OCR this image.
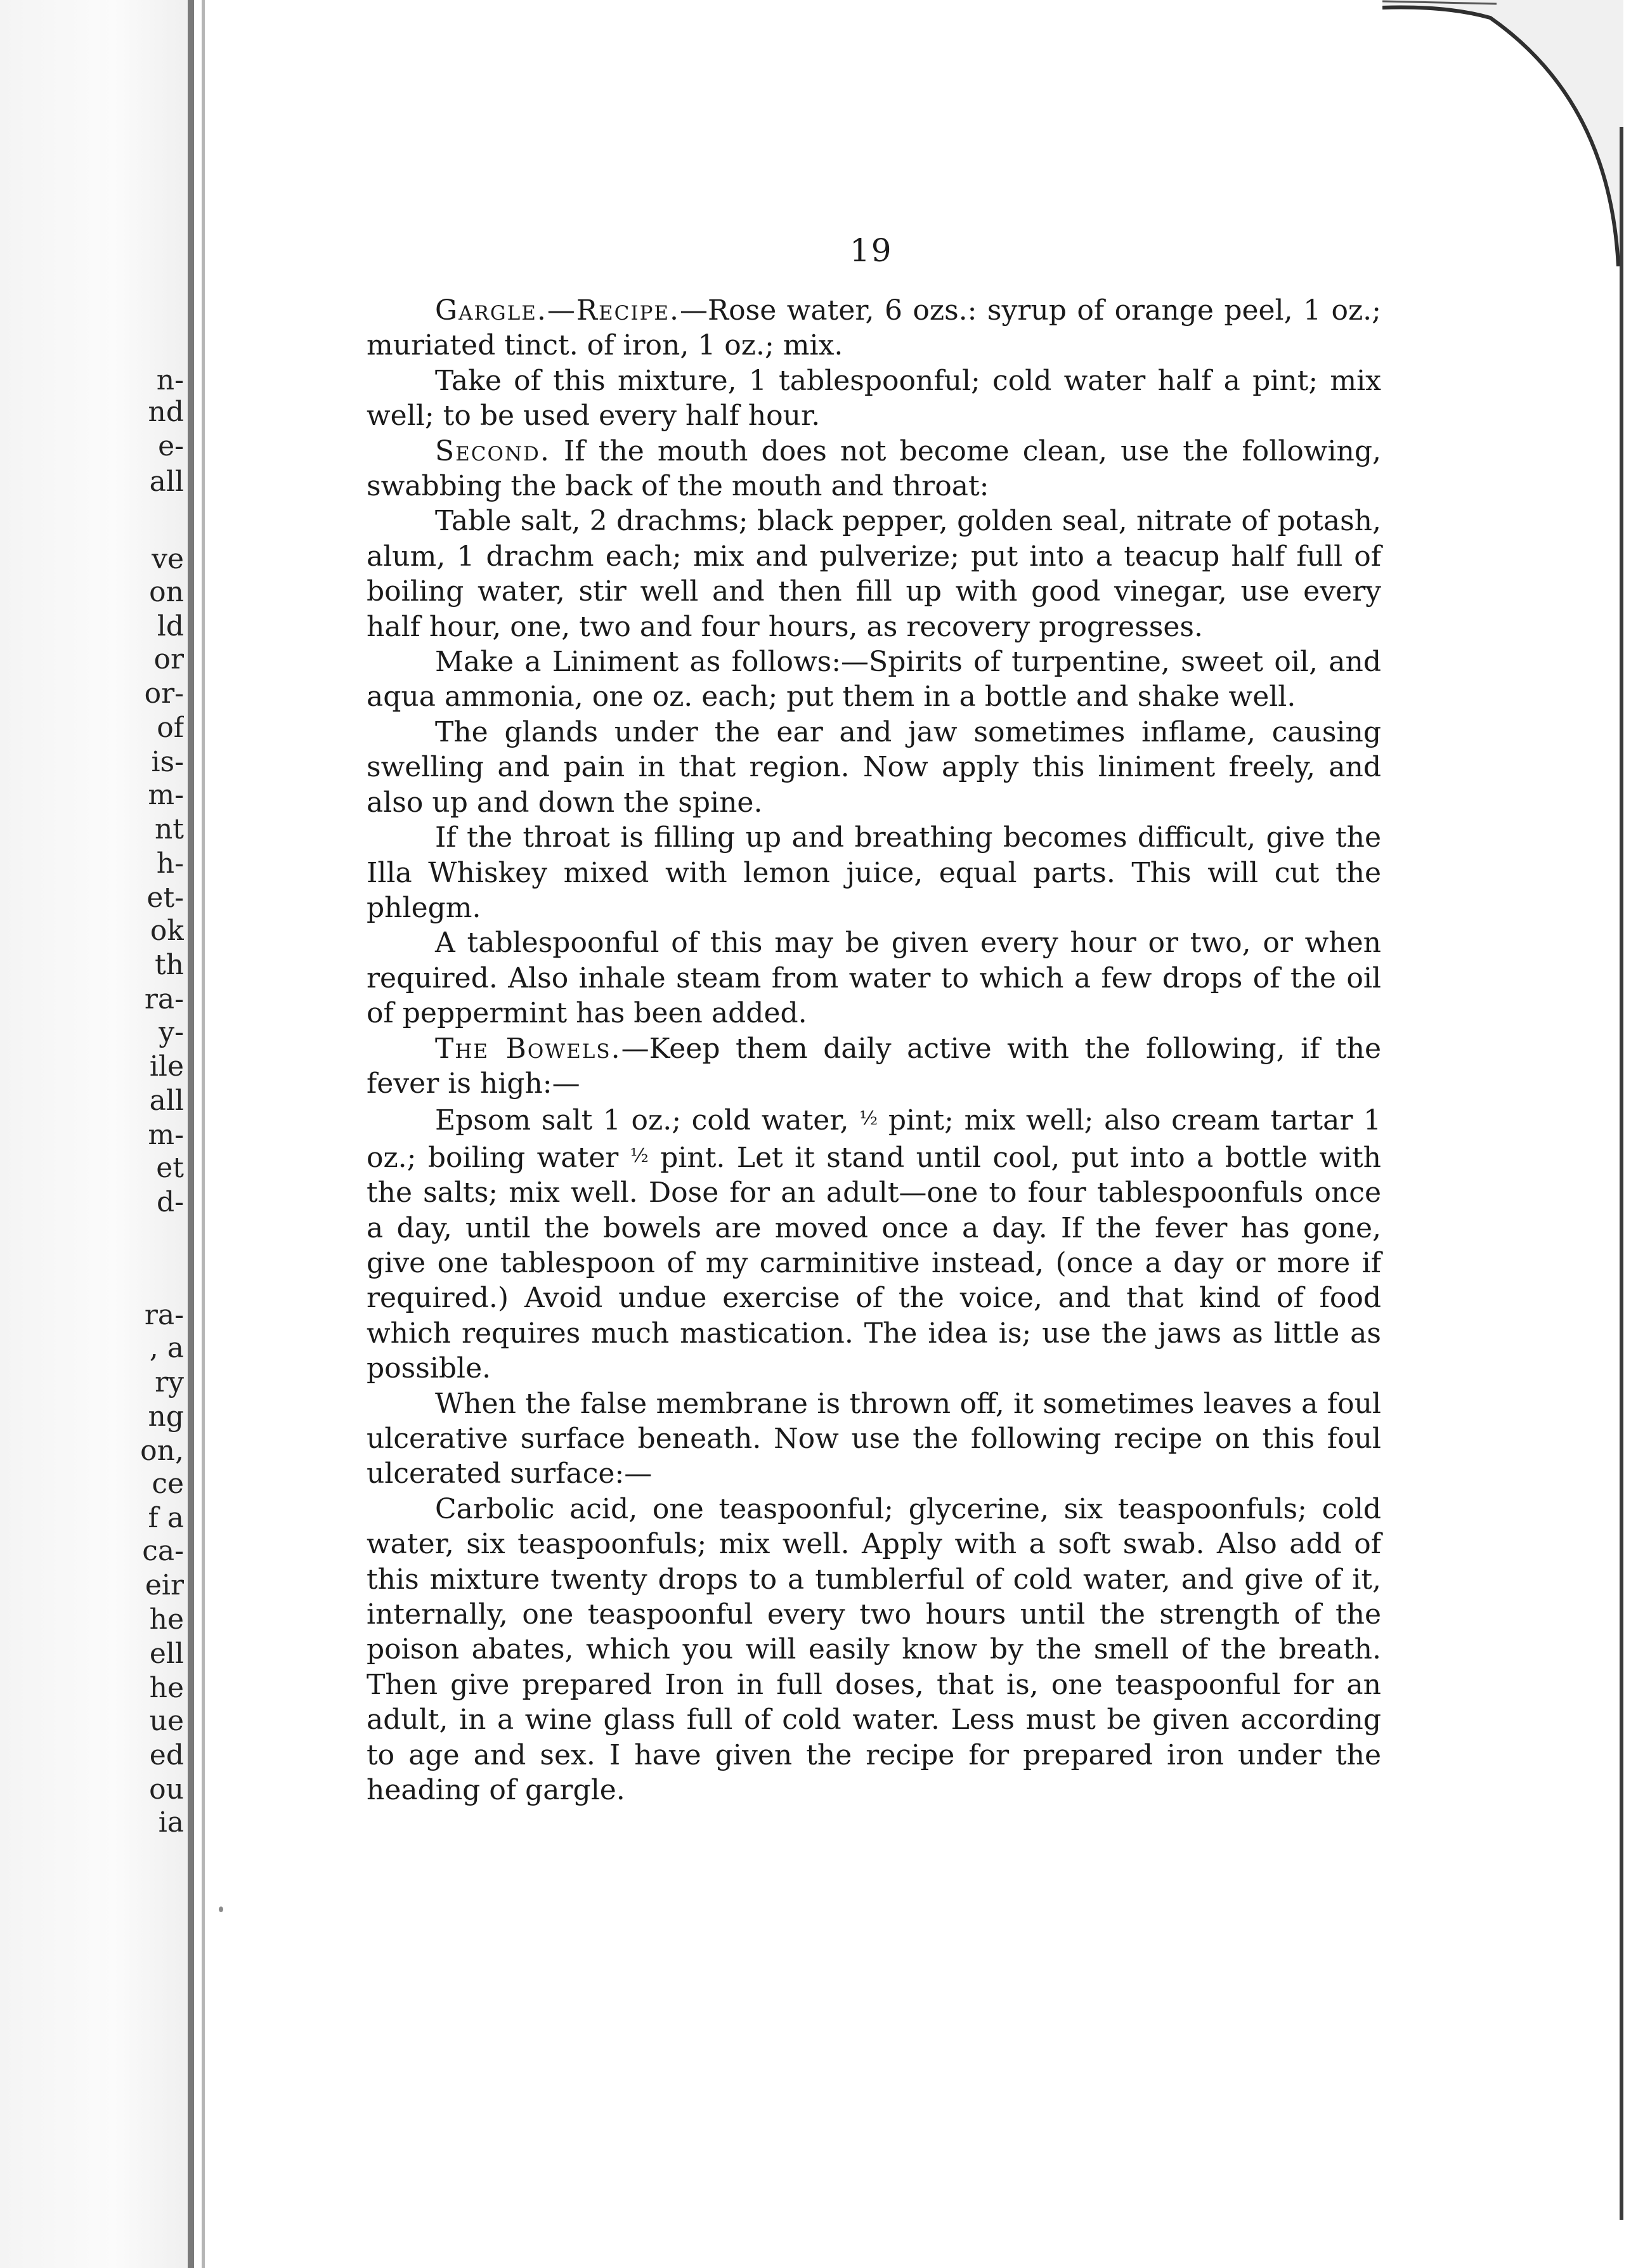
n-
nd
e-
all
ve
on
ld
or
or-
of
is-
m-
nt
h-
et-
ok
th
ra-
y-
ile
all
m-
et
d-
ra-
, a
ry
ng
on,
ce
f a
ca-
eir
he
ell
he
ue
ed
ou
ia
19

Gargle.—Recipe.—Rose water, 6 ozs.: syrup of orange peel, 1 oz.; muriated tinct. of iron, 1 oz.; mix.

Take of this mixture, 1 tablespoonful; cold water half a pint; mix well; to be used every half hour.

Second. If the mouth does not become clean, use the following, swabbing the back of the mouth and throat:

Table salt, 2 drachms; black pepper, golden seal, nitrate of potash, alum, 1 drachm each; mix and pulverize; put into a teacup half full of boiling water, stir well and then fill up with good vinegar, use every half hour, one, two and four hours, as recovery progresses.

Make a Liniment as follows:—Spirits of turpentine, sweet oil, and aqua ammonia, one oz. each; put them in a bottle and shake well.

The glands under the ear and jaw sometimes inflame, causing swelling and pain in that region. Now apply this liniment freely, and also up and down the spine.

If the throat is filling up and breathing becomes difficult, give the Illa Whiskey mixed with lemon juice, equal parts. This will cut the phlegm.

A tablespoonful of this may be given every hour or two, or when required. Also inhale steam from water to which a few drops of the oil of peppermint has been added.

The Bowels.—Keep them daily active with the following, if the fever is high:—

Epsom salt 1 oz.; cold water, ½ pint; mix well; also cream tartar 1 oz.; boiling water ½ pint. Let it stand until cool, put into a bottle with the salts; mix well. Dose for an adult—one to four tablespoonfuls once a day, until the bowels are moved once a day. If the fever has gone, give one tablespoon of my carminitive instead, (once a day or more if required.) Avoid undue exercise of the voice, and that kind of food which requires much mastication. The idea is; use the jaws as little as possible.

When the false membrane is thrown off, it sometimes leaves a foul ulcerative surface beneath. Now use the following recipe on this foul ulcerated surface:—

Carbolic acid, one teaspoonful; glycerine, six teaspoonfuls; cold water, six teaspoonfuls; mix well. Apply with a soft swab. Also add of this mixture twenty drops to a tumblerful of cold water, and give of it, internally, one teaspoonful every two hours until the strength of the poison abates, which you will easily know by the smell of the breath. Then give prepared Iron in full doses, that is, one teaspoonful for an adult, in a wine glass full of cold water. Less must be given according to age and sex. I have given the recipe for prepared iron under the heading of gargle.
